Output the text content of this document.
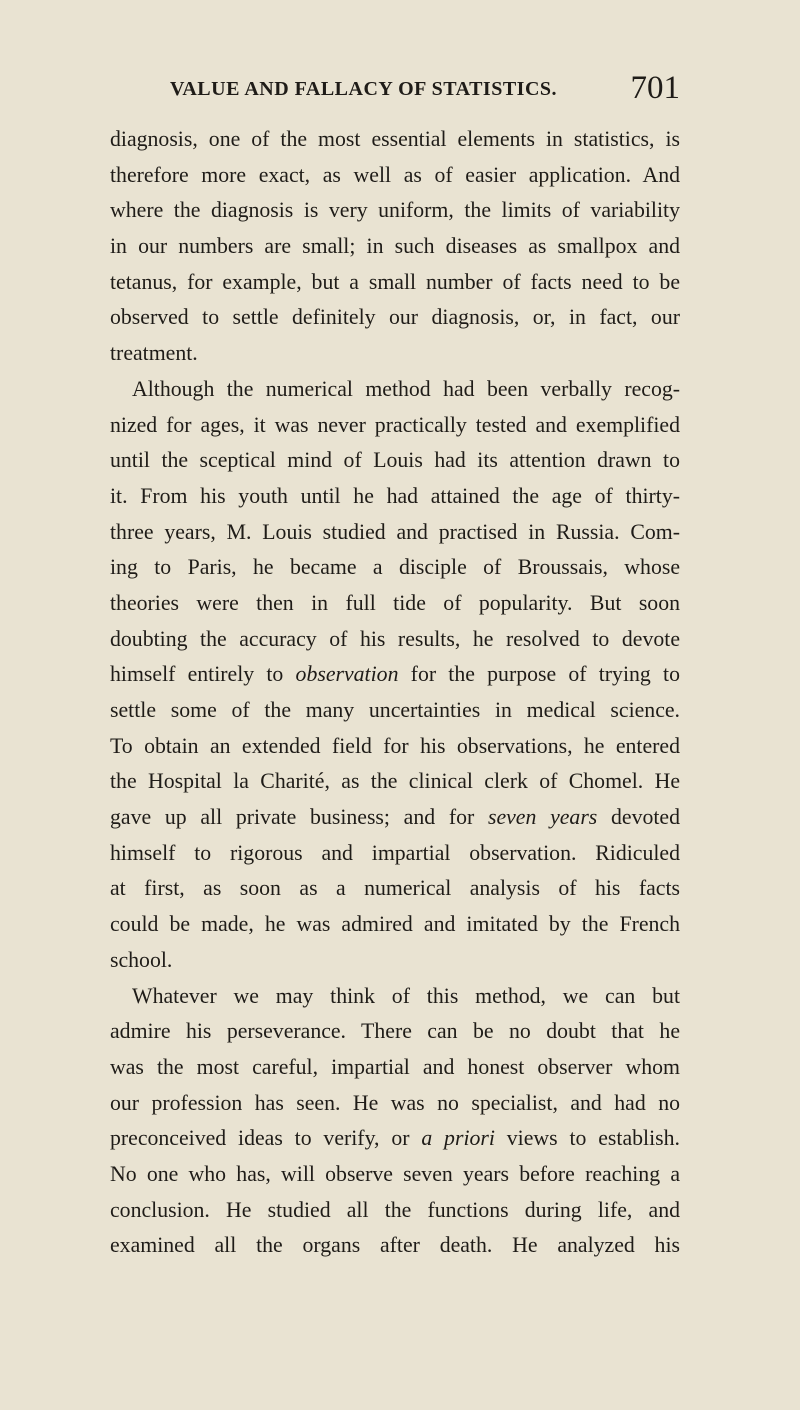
VALUE AND FALLACY OF STATISTICS. 701
diagnosis, one of the most essential elements in statistics, is
therefore more exact, as well as of easier application. And
where the diagnosis is very uniform, the limits of variability
in our numbers are small; in such diseases as smallpox and
tetanus, for example, but a small number of facts need to be
observed to settle definitely our diagnosis, or, in fact, our
treatment.
Although the numerical method had been verbally recog-
nized for ages, it was never practically tested and exemplified
until the sceptical mind of Louis had its attention drawn to
it. From his youth until he had attained the age of thirty-
three years, M. Louis studied and practised in Russia. Com-
ing to Paris, he became a disciple of Broussais, whose
theories were then in full tide of popularity. But soon
doubting the accuracy of his results, he resolved to devote
himself entirely to observation for the purpose of trying to
settle some of the many uncertainties in medical science.
To obtain an extended field for his observations, he entered
the Hospital la Charité, as the clinical clerk of Chomel. He
gave up all private business; and for seven years devoted
himself to rigorous and impartial observation. Ridiculed
at first, as soon as a numerical analysis of his facts
could be made, he was admired and imitated by the French
school.
Whatever we may think of this method, we can but
admire his perseverance. There can be no doubt that he
was the most careful, impartial and honest observer whom
our profession has seen. He was no specialist, and had no
preconceived ideas to verify, or a priori views to establish.
No one who has, will observe seven years before reaching a
conclusion. He studied all the functions during life, and
examined all the organs after death. He analyzed his
